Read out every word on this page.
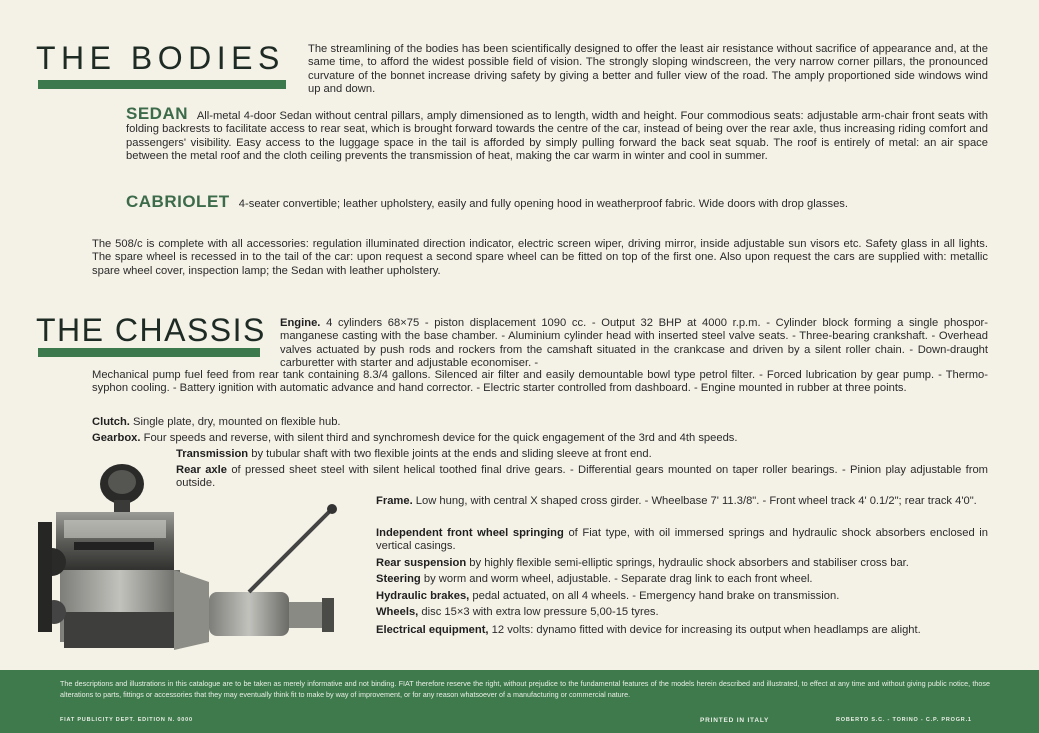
THE BODIES The streamlining of the bodies has been scientifically designed to offer the least air resistance without sacrifice of appearance and, at the same time, to afford the widest possible field of vision. The strongly sloping windscreen, the very narrow corner pillars, the pronounced curvature of the bonnet increase driving safety by giving a better and fuller view of the road. The amply proportioned side windows wind up and down.
SEDAN All-metal 4-door Sedan without central pillars, amply dimensioned as to length, width and height. Four commodious seats: adjustable arm-chair front seats with folding backrests to facilitate access to rear seat, which is brought forward towards the centre of the car, instead of being over the rear axle, thus increasing riding comfort and passengers' visibility. Easy access to the luggage space in the tail is afforded by simply pulling forward the back seat squab. The roof is entirely of metal: an air space between the metal roof and the cloth ceiling prevents the transmission of heat, making the car warm in winter and cool in summer.
CABRIOLET 4-seater convertible; leather upholstery, easily and fully opening hood in weatherproof fabric. Wide doors with drop glasses.
The 508/c is complete with all accessories: regulation illuminated direction indicator, electric screen wiper, driving mirror, inside adjustable sun visors etc. Safety glass in all lights. The spare wheel is recessed in to the tail of the car: upon request a second spare wheel can be fitted on top of the first one. Also upon request the cars are supplied with: metallic spare wheel cover, inspection lamp; the Sedan with leather upholstery.
THE CHASSIS Engine. 4 cylinders 68×75 - piston displacement 1090 cc. - Output 32 BHP at 4000 r.p.m. - Cylinder block forming a single phospor-manganese casting with the base chamber. - Aluminium cylinder head with inserted steel valve seats. - Three-bearing crankshaft. - Overhead valves actuated by push rods and rockers from the camshaft situated in the crankcase and driven by a silent roller chain. - Down-draught carburetter with starter and adjustable economiser. -
Mechanical pump fuel feed from rear tank containing 8.3/4 gallons. Silenced air filter and easily demountable bowl type petrol filter. - Forced lubrication by gear pump. - Thermo-syphon cooling. - Battery ignition with automatic advance and hand corrector. - Electric starter controlled from dashboard. - Engine mounted in rubber at three points.
Clutch. Single plate, dry, mounted on flexible hub.
Gearbox. Four speeds and reverse, with silent third and synchromesh device for the quick engagement of the 3rd and 4th speeds.
Transmission by tubular shaft with two flexible joints at the ends and sliding sleeve at front end.
Rear axle of pressed sheet steel with silent helical toothed final drive gears. - Differential gears mounted on taper roller bearings. - Pinion play adjustable from outside.
Frame. Low hung, with central X shaped cross girder. - Wheelbase 7' 11.3/8". - Front wheel track 4' 0.1/2"; rear track 4'0".
Independent front wheel springing of Fiat type, with oil immersed springs and hydraulic shock absorbers enclosed in vertical casings.
Rear suspension by highly flexible semi-elliptic springs, hydraulic shock absorbers and stabiliser cross bar.
Steering by worm and worm wheel, adjustable. - Separate drag link to each front wheel.
Hydraulic brakes, pedal actuated, on all 4 wheels. - Emergency hand brake on transmission.
Wheels, disc 15×3 with extra low pressure 5,00-15 tyres.
Electrical equipment, 12 volts: dynamo fitted with device for increasing its output when headlamps are alight.
The descriptions and illustrations in this catalogue are to be taken as merely informative and not binding. FIAT therefore reserve the right, without prejudice to the fundamental features of the models herein described and illustrated, to effect at any time and without giving public notice, those alterations to parts, fittings or accessories that they may eventually think fit to make by way of improvement, or for any reason whatsoever of a manufacturing or commercial nature.
FIAT PUBLICITY DEPT. EDITION N. 0000	PRINTED IN ITALY	ROBERTO S.C. - TORINO - C.P. PROGR.1
